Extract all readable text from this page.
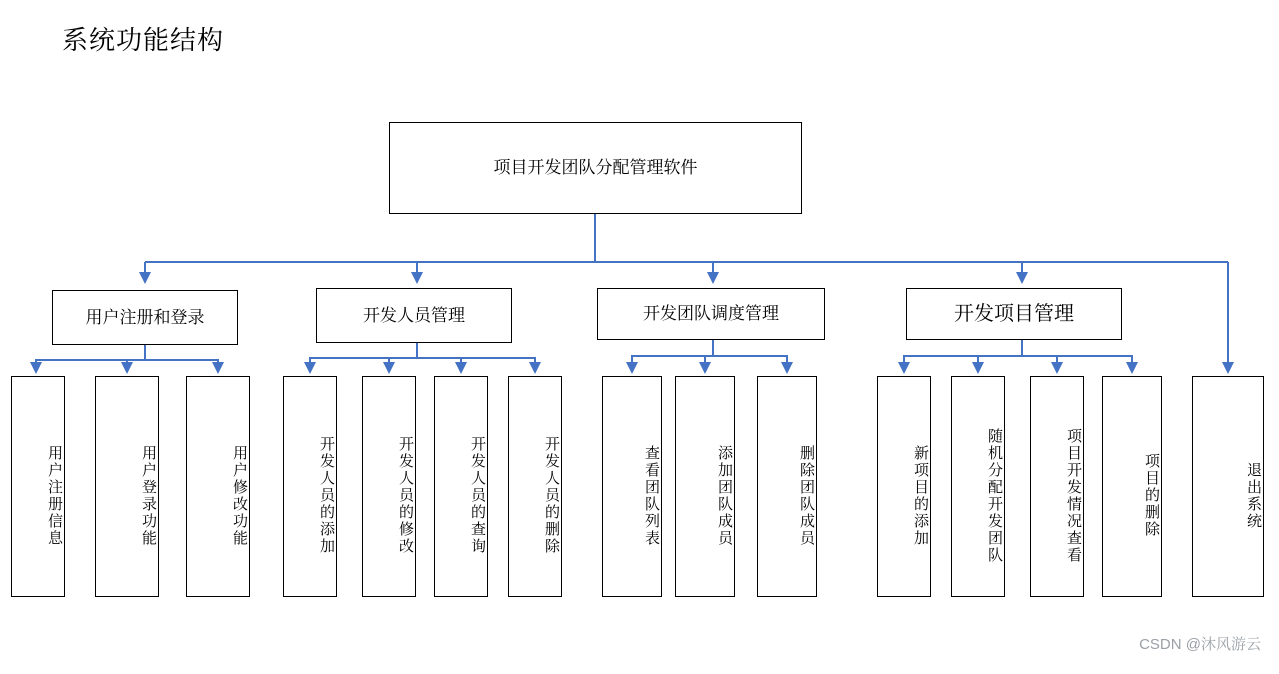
系统功能结构
项目开发团队分配管理软件
用户注册和登录	开发人员管理	开发团队调度管理	开发项目管理
用户注册信息	用户登录功能	用户修改功能	开发人员的添加	开发人员的修改	开发人员的查询	开发人员的删除	查看团队列表	添加团队成员	删除团队成员	新项目的添加	随机分配开发团队	项目开发情况查看	项目的删除	退出系统
CSDN @沐风游云
